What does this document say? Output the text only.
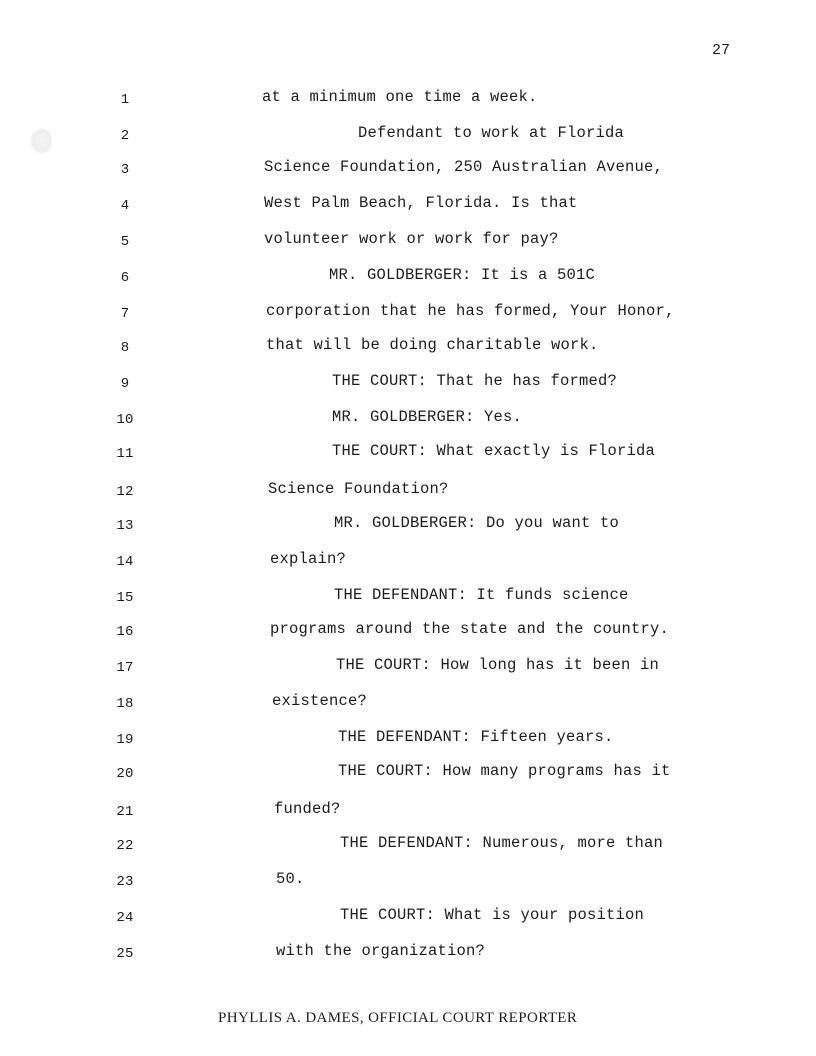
27
1	at a minimum one time a week.
2	Defendant to work at Florida
3	Science Foundation, 250 Australian Avenue,
4	West Palm Beach, Florida. Is that
5	volunteer work or work for pay?
6	MR. GOLDBERGER: It is a 501C
7	corporation that he has formed, Your Honor,
8	that will be doing charitable work.
9	THE COURT: That he has formed?
10	MR. GOLDBERGER: Yes.
11	THE COURT: What exactly is Florida
12	Science Foundation?
13	MR. GOLDBERGER: Do you want to
14	explain?
15	THE DEFENDANT: It funds science
16	programs around the state and the country.
17	THE COURT: How long has it been in
18	existence?
19	THE DEFENDANT: Fifteen years.
20	THE COURT: How many programs has it
21	funded?
22	THE DEFENDANT: Numerous, more than
23	50.
24	THE COURT: What is your position
25	with the organization?
PHYLLIS A. DAMES, OFFICIAL COURT REPORTER
